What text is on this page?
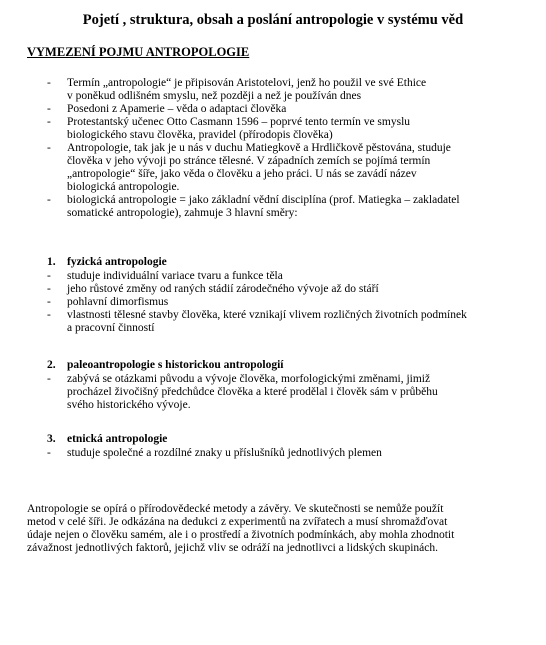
Pojetí , struktura, obsah a poslání antropologie v systému věd
VYMEZENÍ POJMU ANTROPOLOGIE
- Termín „antropologie“ je připisován Aristotelovi, jenž ho použil ve své Ethice
v poněkud odlišném smyslu, než později a než je používán dnes
- Posedoni z Apamerie – věda o adaptaci člověka
- Protestantský učenec Otto Casmann 1596 – poprvé tento termín ve smyslu
biologického stavu člověka, pravidel (přírodopis člověka)
- Antropologie, tak jak je u nás v duchu Matiegkově a Hrdličkově pěstována, studuje
člověka v jeho vývoji po stránce tělesné. V západních zemích se pojímá termín
„antropologie“ šíře, jako věda o člověku a jeho práci. U nás se zavádí název
biologická antropologie.
- biologická antropologie = jako základní vědní disciplína (prof. Matiegka – zakladatel
somatické antropologie), zahmuje 3 hlavní směry:
1. fyzická antropologie
- studuje individuální variace tvaru a funkce těla
- jeho růstové změny od raných stádií zárodečného vývoje až do stáří
- pohlavní dimorfismus
- vlastnosti tělesné stavby člověka, které vznikají vlivem rozličných životních podmínek
a pracovní činností
2. paleoantropologie s historickou antropologií
- zabývá se otázkami původu a vývoje člověka, morfologickými změnami, jimiž
procházel živočišný předchůdce člověka a které prodělal i člověk sám v průběhu
svého historického vývoje.
3. etnická antropologie
- studuje společné a rozdílné znaky u příslušníků jednotlivých plemen
Antropologie se opírá o přírodovědecké metody a závěry. Ve skutečnosti se nemůže použít
metod v celé šíři. Je odkázána na dedukci z experimentů na zvířatech a musí shromažďovat
údaje nejen o člověku samém, ale i o prostředí a životních podmínkách, aby mohla zhodnotit
závažnost jednotlivých faktorů, jejichž vliv se odráží na jednotlivci a lidských skupinách.
